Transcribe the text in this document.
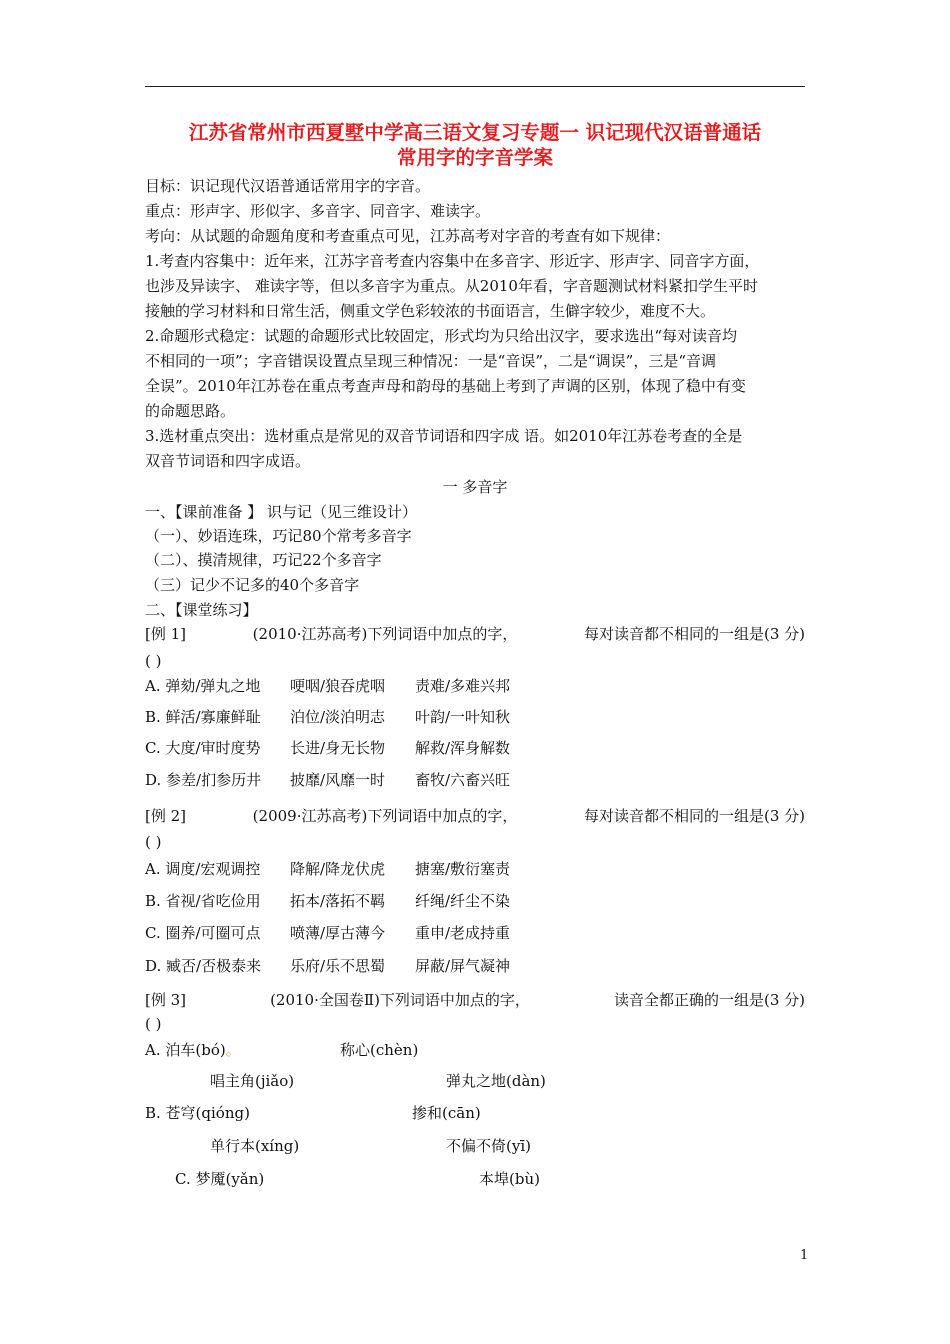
江苏省常州市西夏墅中学高三语文复习专题一 识记现代汉语普通话
常用字的字音学案
目标：识记现代汉语普通话常用字的字音。
重点：形声字、形似字、多音字、同音字、难读字。
考向：从试题的命题角度和考查重点可见，江苏高考对字音的考查有如下规律：
1.考查内容集中：近年来，江苏字音考查内容集中在多音字、形近字、形声字、同音字方面，
也涉及异读字、 难读字等，但以多音字为重点。从2010年看，字音题测试材料紧扣学生平时
接触的学习材料和日常生活，侧重文学色彩较浓的书面语言，生僻字较少，难度不大。
2.命题形式稳定：试题的命题形式比较固定，形式均为只给出汉字，要求选出“每对读音均
不相同的一项”；字音错误设置点呈现三种情况：一是“音误”，二是“调误”，三是“音调
全误”。2010年江苏卷在重点考查声母和韵母的基础上考到了声调的区别，体现了稳中有变
的命题思路。
3.选材重点突出：选材重点是常见的双音节词语和四字成 语。如2010年江苏卷考查的全是
双音节词语和四字成语。
一 多音字
一、【课前准备 】 识与记（见三维设计）
（一）、妙语连珠，巧记80个常考多音字
（二）、摸清规律，巧记22个多音字
（三）记少不记多的40个多音字
二、【课堂练习】
[例 1]	(2010·江苏高考)下列词语中加点的字，	每对读音都不相同的一组是(3 分)
( )
A. 弹劾/弹丸之地 哽咽/狼吞虎咽 责难/多难兴邦
B. 鲜活/寡廉鲜耻 泊位/淡泊明志 叶韵/一叶知秋
C. 大度/审时度势 长进/身无长物 解救/浑身解数
D. 参差/扪参历井 披靡/风靡一时 畜牧/六畜兴旺
[例 2]	(2009·江苏高考)下列词语中加点的字，	每对读音都不相同的一组是(3 分)
( )
A. 调度/宏观调控 降解/降龙伏虎 搪塞/敷衍塞责
B. 省视/省吃俭用 拓本/落拓不羁 纤绳/纤尘不染
C. 圈养/可圈可点 喷薄/厚古薄今 重申/老成持重
D. 臧否/否极泰来 乐府/乐不思蜀 屏蔽/屏气凝神
[例 3]	(2010·全国卷Ⅱ)下列词语中加点的字，	读音全都正确的一组是(3 分)
( )
A. 泊车(bó)。	称心(chèn)
唱主角(jiǎo)	弹丸之地(dàn)
B. 苍穹(qióng)	掺和(cān)
单行本(xíng)	不偏不倚(yī)
C. 梦魇(yǎn)	本埠(bù)
1
